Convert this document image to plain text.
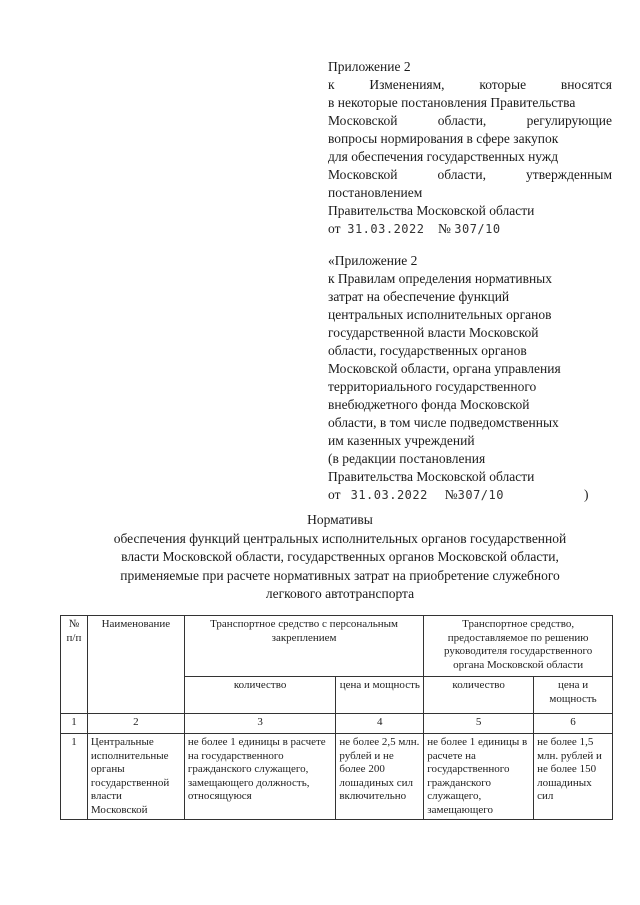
Приложение 2
к Изменениям, которые вносятся
в некоторые постановления Правительства
Московской области, регулирующие
вопросы нормирования в сфере закупок
для обеспечения государственных нужд
Московской области, утвержденным
постановлением
Правительства Московской области
от 31.03.2022 № 307/10
«Приложение 2
к Правилам определения нормативных
затрат на обеспечение функций
центральных исполнительных органов
государственной власти Московской
области, государственных органов
Московской области, органа управления
территориального государственного
внебюджетного фонда Московской
области, в том числе подведомственных
им казенных учреждений
(в редакции постановления
Правительства Московской области
от 31.03.2022 №307/10	)
Нормативы
обеспечения функций центральных исполнительных органов государственной
власти Московской области, государственных органов Московской области,
применяемые при расчете нормативных затрат на приобретение служебного
легкового автотранспорта
№ п/п	Наименование	Транспортное средство с персональным закреплением		Транспортное средство, предоставляемое по решению руководителя государственного органа Московской области	
		количество	цена и мощность	количество	цена и мощность
1	2	3	4	5	6
1	Центральные исполнительные органы государственной власти Московской	не более 1 единицы в расчете на государственного гражданского служащего, замещающего должность, относящуюся	не более 2,5 млн. рублей и не более 200 лошадиных сил включительно	не более 1 единицы в расчете на государственного гражданского служащего, замещающего	не более 1,5 млн. рублей и не более 150 лошадиных сил
